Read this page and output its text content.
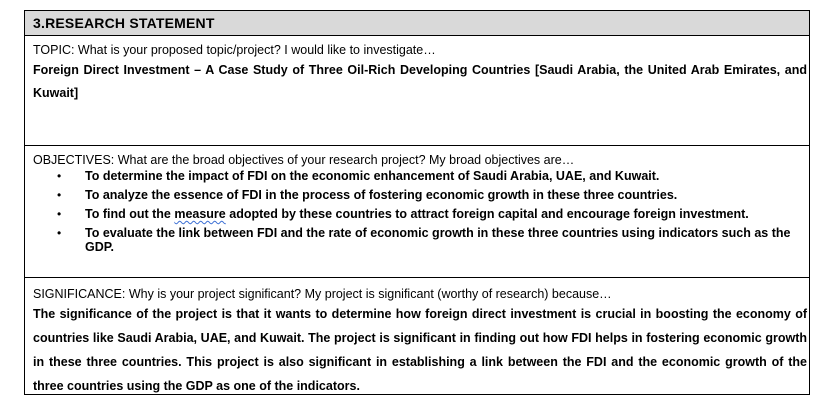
3.RESEARCH STATEMENT

TOPIC: What is your proposed topic/project? I would like to investigate…

Foreign Direct Investment – A Case Study of Three Oil-Rich Developing Countries [Saudi Arabia, the United Arab Emirates, and Kuwait]

OBJECTIVES: What are the broad objectives of your research project? My broad objectives are…

• To determine the impact of FDI on the economic enhancement of Saudi Arabia, UAE, and Kuwait.
• To analyze the essence of FDI in the process of fostering economic growth in these three countries.
• To find out the measure adopted by these countries to attract foreign capital and encourage foreign investment.
• To evaluate the link between FDI and the rate of economic growth in these three countries using indicators such as the GDP.

SIGNIFICANCE: Why is your project significant? My project is significant (worthy of research) because…

The significance of the project is that it wants to determine how foreign direct investment is crucial in boosting the economy of countries like Saudi Arabia, UAE, and Kuwait. The project is significant in finding out how FDI helps in fostering economic growth in these three countries. This project is also significant in establishing a link between the FDI and the economic growth of the three countries using the GDP as one of the indicators.
